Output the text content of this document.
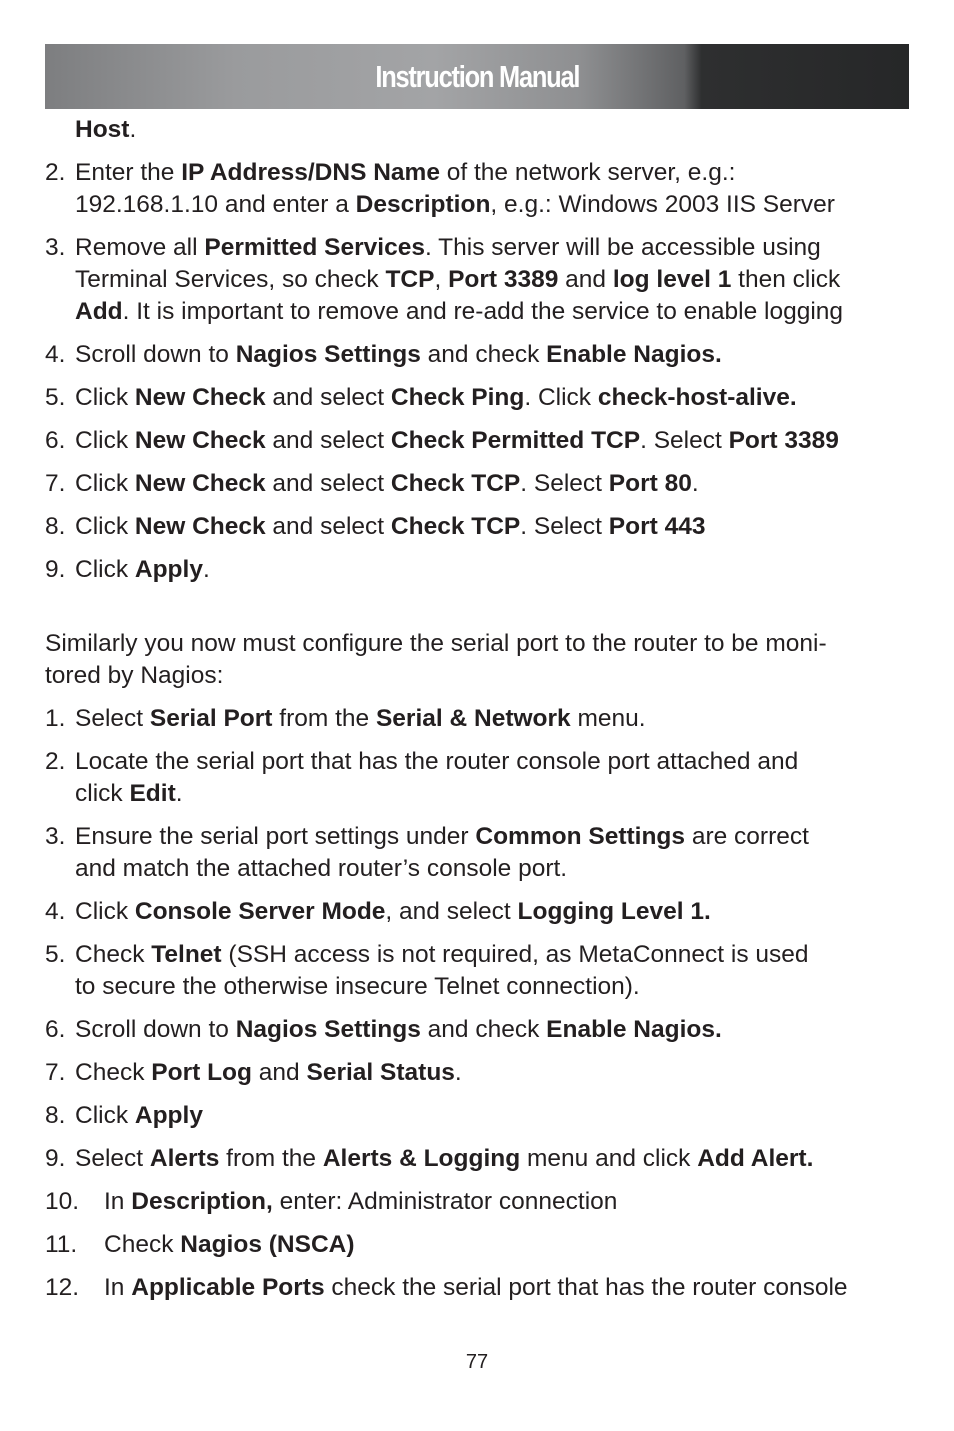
Instruction Manual
Host.
2. Enter the IP Address/DNS Name of the network server, e.g.:
192.168.1.10 and enter a Description, e.g.: Windows 2003 IIS Server
3. Remove all Permitted Services. This server will be accessible using
Terminal Services, so check TCP, Port 3389 and log level 1 then click
Add. It is important to remove and re-add the service to enable logging
4. Scroll down to Nagios Settings and check Enable Nagios.
5. Click New Check and select Check Ping. Click check-host-alive.
6. Click New Check and select Check Permitted TCP. Select Port 3389
7. Click New Check and select Check TCP. Select Port 80.
8. Click New Check and select Check TCP. Select Port 443
9. Click Apply.
Similarly you now must configure the serial port to the router to be moni-
tored by Nagios:
1. Select Serial Port from the Serial & Network menu.
2. Locate the serial port that has the router console port attached and
click Edit.
3. Ensure the serial port settings under Common Settings are correct
and match the attached router’s console port.
4. Click Console Server Mode, and select Logging Level 1.
5. Check Telnet (SSH access is not required, as MetaConnect is used
to secure the otherwise insecure Telnet connection).
6. Scroll down to Nagios Settings and check Enable Nagios.
7. Check Port Log and Serial Status.
8. Click Apply
9. Select Alerts from the Alerts & Logging menu and click Add Alert.
10. In Description, enter: Administrator connection
11. Check Nagios (NSCA)
12. In Applicable Ports check the serial port that has the router console
77
